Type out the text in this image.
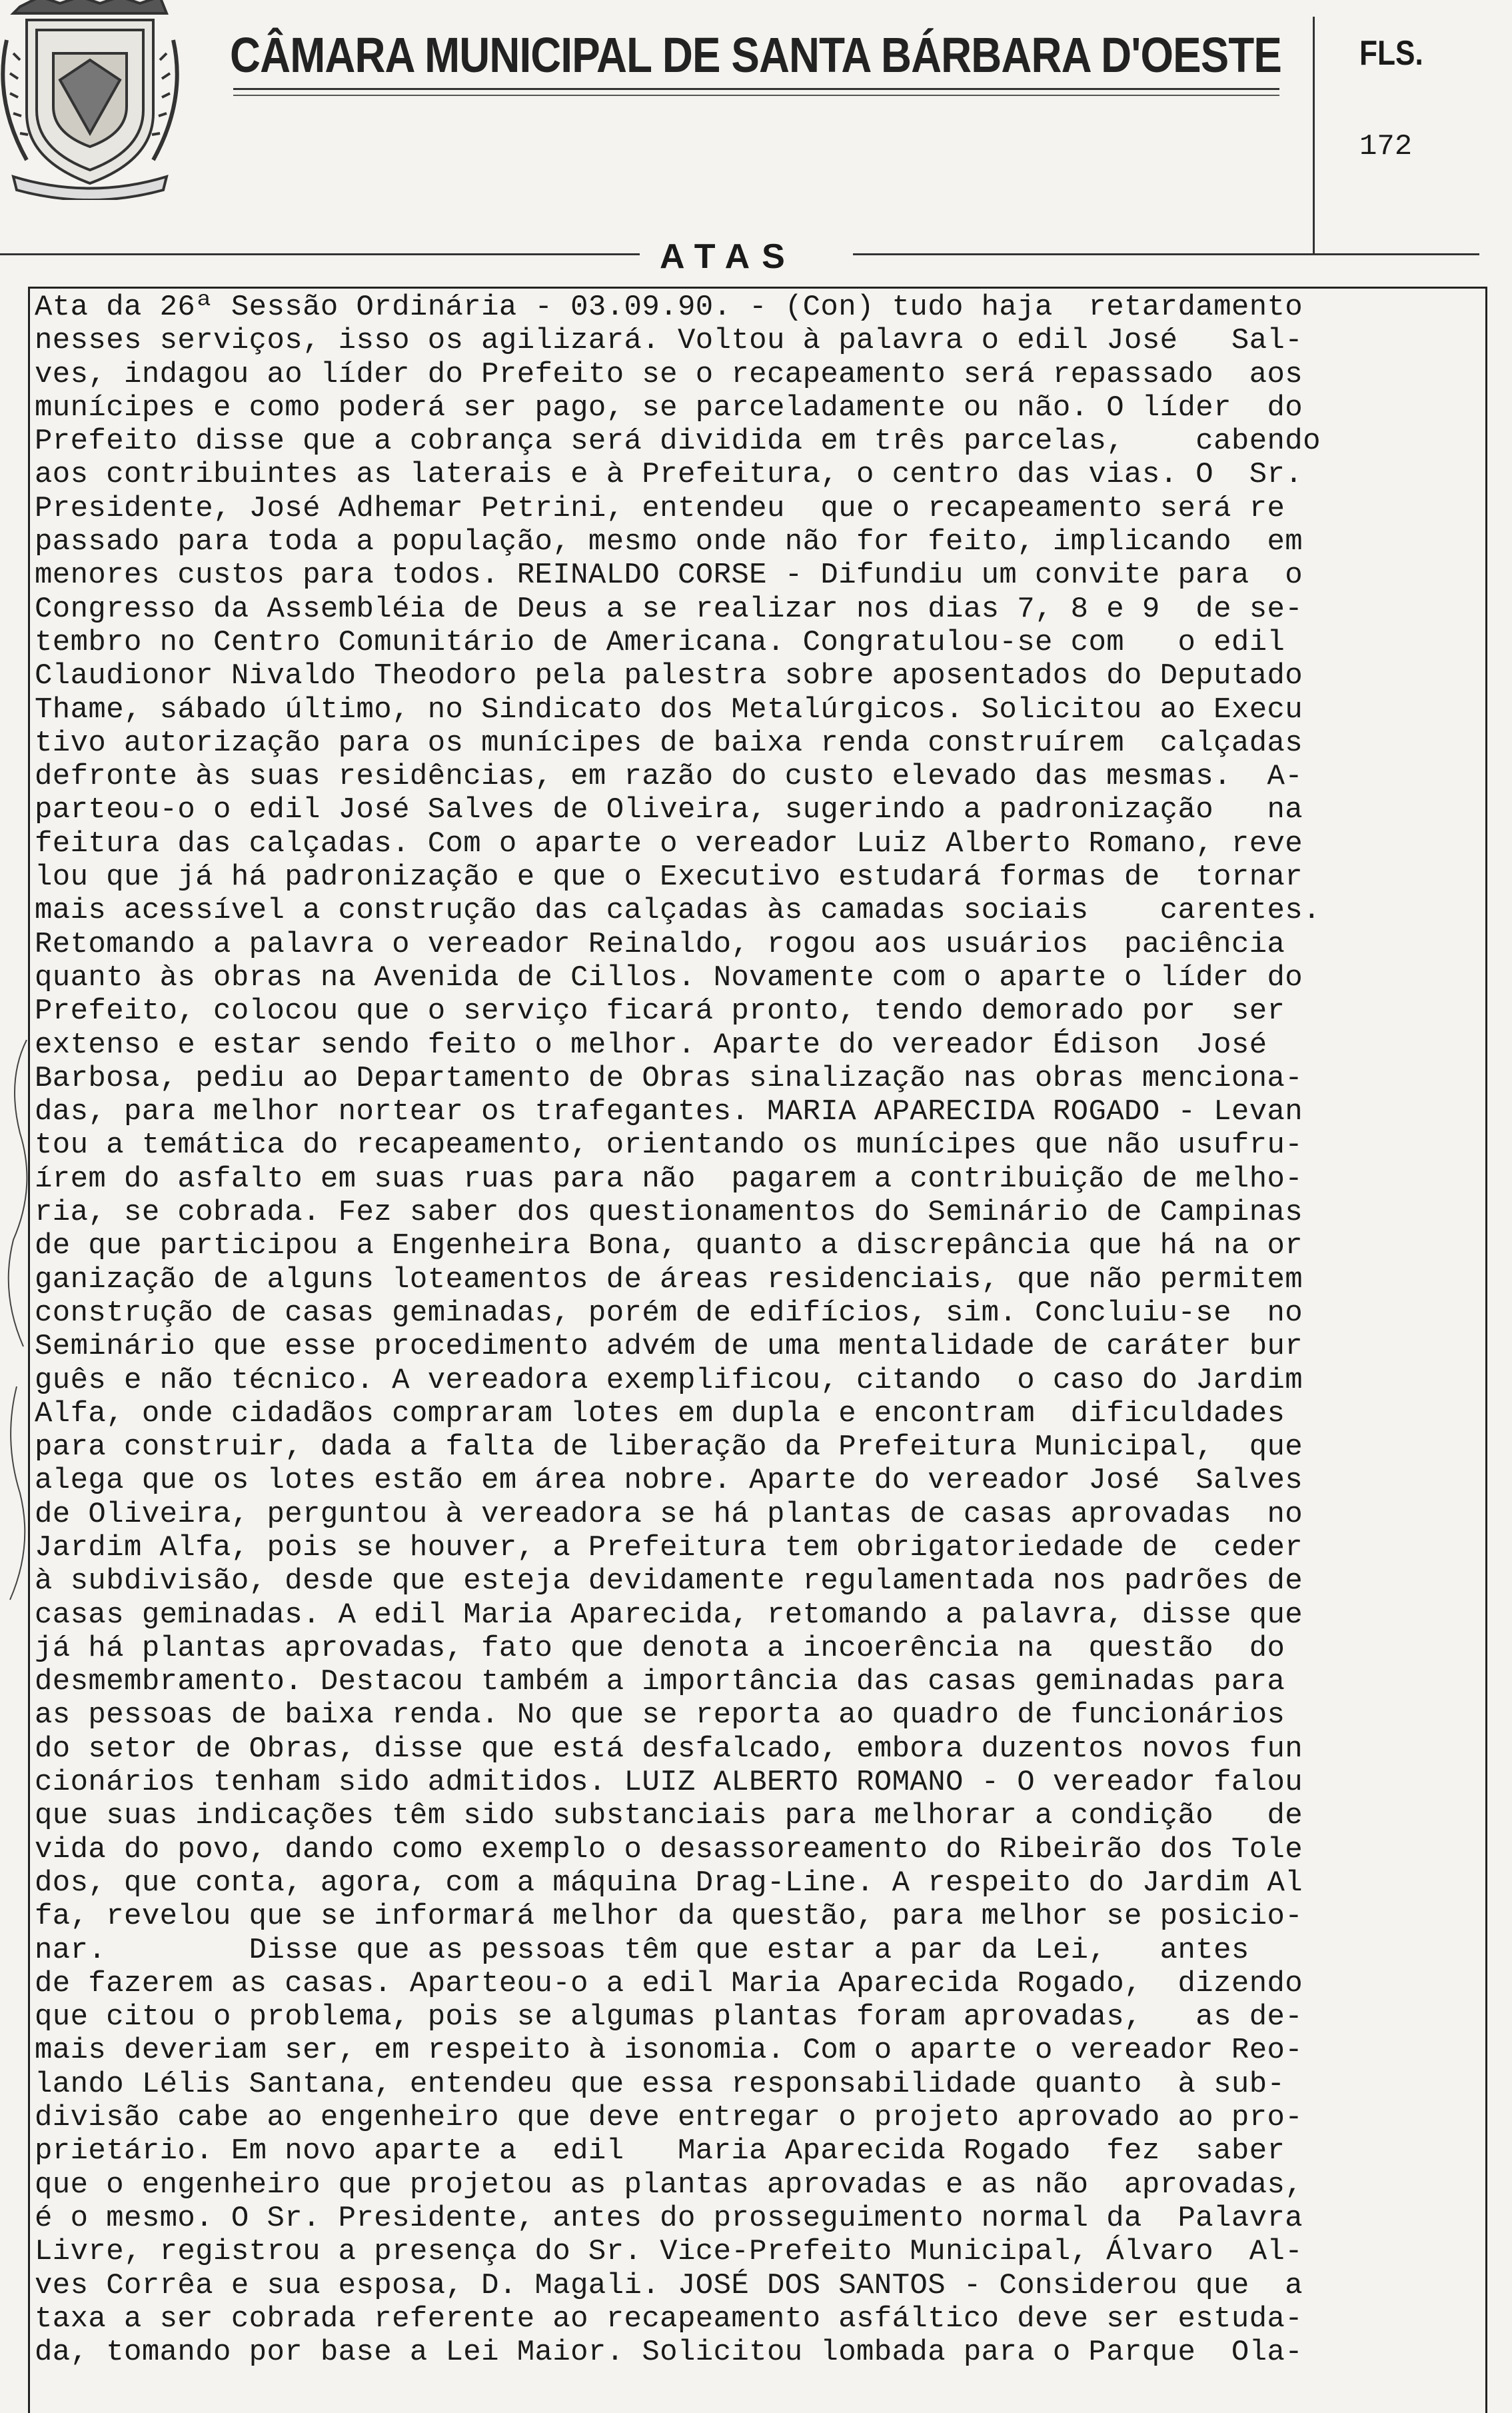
CÂMARA MUNICIPAL DE SANTA BÁRBARA D'OESTE FLS.
172
ATAS
Ata da 26ª Sessão Ordinária - 03.09.90. - (Con) tudo haja  retardamento
nesses serviços, isso os agilizará. Voltou à palavra o edil José   Sal-
ves, indagou ao líder do Prefeito se o recapeamento será repassado  aos
munícipes e como poderá ser pago, se parceladamente ou não. O líder  do
Prefeito disse que a cobrança será dividida em três parcelas,    cabendo
aos contribuintes as laterais e à Prefeitura, o centro das vias. O  Sr.
Presidente, José Adhemar Petrini, entendeu  que o recapeamento será re
passado para toda a população, mesmo onde não for feito, implicando  em
menores custos para todos. REINALDO CORSE - Difundiu um convite para  o
Congresso da Assembléia de Deus a se realizar nos dias 7, 8 e 9  de se-
tembro no Centro Comunitário de Americana. Congratulou-se com   o edil
Claudionor Nivaldo Theodoro pela palestra sobre aposentados do Deputado
Thame, sábado último, no Sindicato dos Metalúrgicos. Solicitou ao Execu
tivo autorização para os munícipes de baixa renda construírem  calçadas
defronte às suas residências, em razão do custo elevado das mesmas.  A-
parteou-o o edil José Salves de Oliveira, sugerindo a padronização   na
feitura das calçadas. Com o aparte o vereador Luiz Alberto Romano, reve
lou que já há padronização e que o Executivo estudará formas de  tornar
mais acessível a construção das calçadas às camadas sociais    carentes.
Retomando a palavra o vereador Reinaldo, rogou aos usuários  paciência
quanto às obras na Avenida de Cillos. Novamente com o aparte o líder do
Prefeito, colocou que o serviço ficará pronto, tendo demorado por  ser
extenso e estar sendo feito o melhor. Aparte do vereador Édison  José
Barbosa, pediu ao Departamento de Obras sinalização nas obras menciona-
das, para melhor nortear os trafegantes. MARIA APARECIDA ROGADO - Levan
tou a temática do recapeamento, orientando os munícipes que não usufru-
írem do asfalto em suas ruas para não  pagarem a contribuição de melho-
ria, se cobrada. Fez saber dos questionamentos do Seminário de Campinas
de que participou a Engenheira Bona, quanto a discrepância que há na or
ganização de alguns loteamentos de áreas residenciais, que não permitem
construção de casas geminadas, porém de edifícios, sim. Concluiu-se  no
Seminário que esse procedimento advém de uma mentalidade de caráter bur
guês e não técnico. A vereadora exemplificou, citando  o caso do Jardim
Alfa, onde cidadãos compraram lotes em dupla e encontram  dificuldades
para construir, dada a falta de liberação da Prefeitura Municipal,  que
alega que os lotes estão em área nobre. Aparte do vereador José  Salves
de Oliveira, perguntou à vereadora se há plantas de casas aprovadas  no
Jardim Alfa, pois se houver, a Prefeitura tem obrigatoriedade de  ceder
à subdivisão, desde que esteja devidamente regulamentada nos padrões de
casas geminadas. A edil Maria Aparecida, retomando a palavra, disse que
já há plantas aprovadas, fato que denota a incoerência na  questão  do
desmembramento. Destacou também a importância das casas geminadas para
as pessoas de baixa renda. No que se reporta ao quadro de funcionários
do setor de Obras, disse que está desfalcado, embora duzentos novos fun
cionários tenham sido admitidos. LUIZ ALBERTO ROMANO - O vereador falou
que suas indicações têm sido substanciais para melhorar a condição   de
vida do povo, dando como exemplo o desassoreamento do Ribeirão dos Tole
dos, que conta, agora, com a máquina Drag-Line. A respeito do Jardim Al
fa, revelou que se informará melhor da questão, para melhor se posicio-
nar.        Disse que as pessoas têm que estar a par da Lei,   antes
de fazerem as casas. Aparteou-o a edil Maria Aparecida Rogado,  dizendo
que citou o problema, pois se algumas plantas foram aprovadas,   as de-
mais deveriam ser, em respeito à isonomia. Com o aparte o vereador Reo-
lando Lélis Santana, entendeu que essa responsabilidade quanto  à sub-
divisão cabe ao engenheiro que deve entregar o projeto aprovado ao pro-
prietário. Em novo aparte a  edil   Maria Aparecida Rogado  fez  saber
que o engenheiro que projetou as plantas aprovadas e as não  aprovadas,
é o mesmo. O Sr. Presidente, antes do prosseguimento normal da  Palavra
Livre, registrou a presença do Sr. Vice-Prefeito Municipal, Álvaro  Al-
ves Corrêa e sua esposa, D. Magali. JOSÉ DOS SANTOS - Considerou que  a
taxa a ser cobrada referente ao recapeamento asfáltico deve ser estuda-
da, tomando por base a Lei Maior. Solicitou lombada para o Parque  Ola-
